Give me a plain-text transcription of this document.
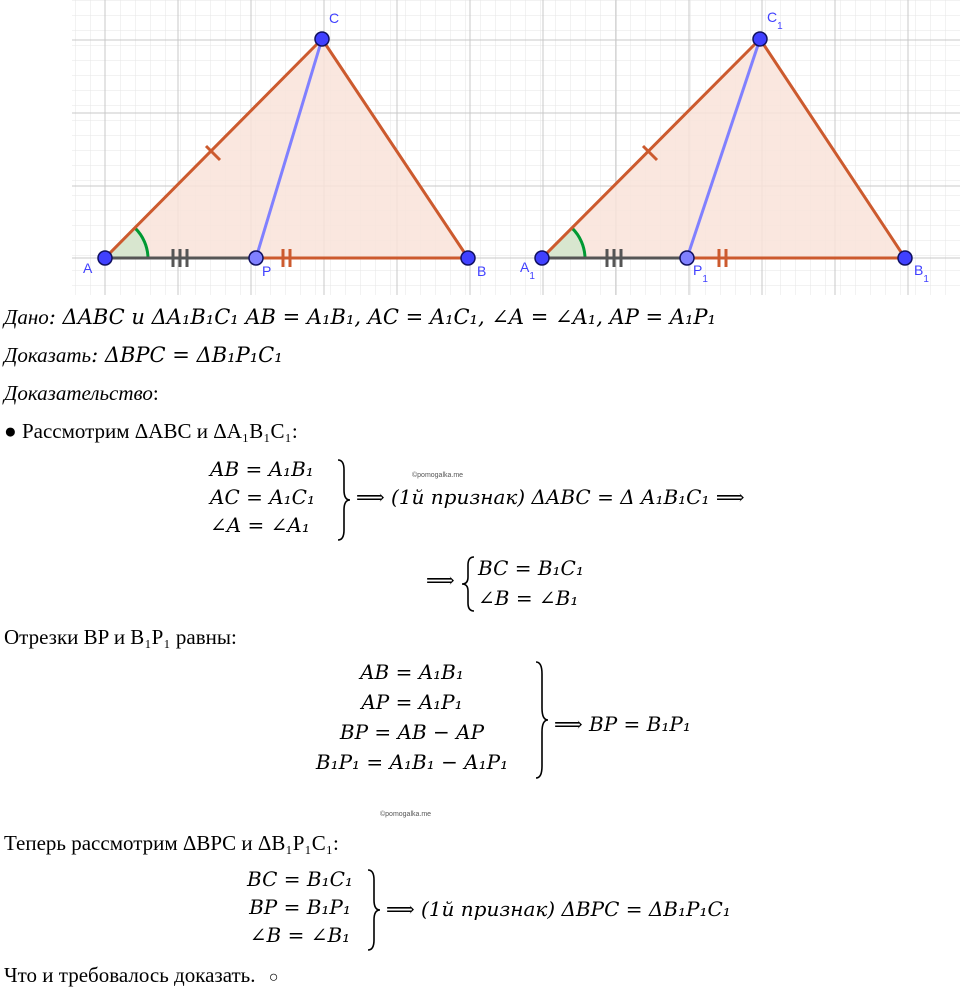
A	P	B
C
$A_1$	$P_1$
$B_1$
$C_1$
Дано: ΔABC и ΔA₁B₁C₁ AB = A₁B₁, AC = A₁C₁, ∠A = ∠A₁, AP = A₁P₁
Доказать: ΔBPC = ΔB₁P₁C₁
Доказательство:
● Рассмотрим ΔABC и ΔA₁B₁C₁:
AB = A₁B₁
AC = A₁C₁
∠A = ∠A₁
⟹ (1й признак) ΔABC = Δ A₁B₁C₁ ⟹
⟹ BC = B₁C₁
∠B = ∠B₁
Отрезки BP и B₁P₁ равны:
AB = A₁B₁
AP = A₁P₁
BP = AB − AP
B₁P₁ = A₁B₁ − A₁P₁
⟹ BP = B₁P₁
©pomogalka.me
©pomogalka.me
Теперь рассмотрим ΔBPC и ΔB₁P₁C₁:
BC = B₁C₁
BP = B₁P₁
∠B = ∠B₁
⟹ (1й признак) ΔBPC = ΔB₁P₁C₁
Что и требовалось доказать. ○
